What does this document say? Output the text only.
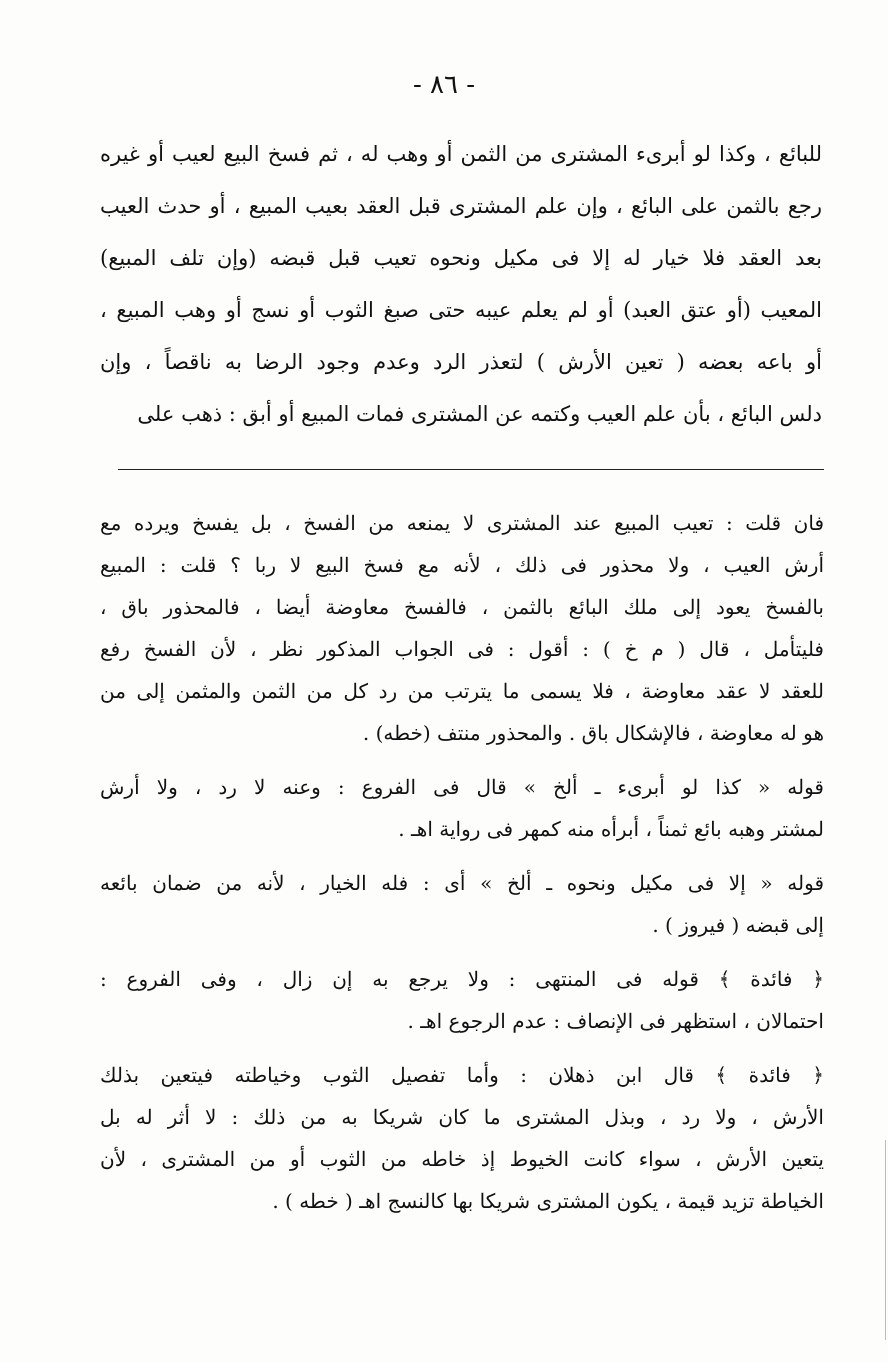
- ٨٦ -
للبائع ، وكذا لو أبرىء المشترى من الثمن أو وهب له ، ثم فسخ البيع لعيب أو غيره
رجع بالثمن على البائع ، وإن علم المشترى قبل العقد بعيب المبيع ، أو حدث العيب
بعد العقد فلا خيار له إلا فى مكيل ونحوه تعيب قبل قبضه (وإن تلف المبيع)
المعيب (أو عتق العبد) أو لم يعلم عيبه حتى صبغ الثوب أو نسج أو وهب المبيع ،
أو باعه بعضه ( تعين الأرش ) لتعذر الرد وعدم وجود الرضا به ناقصاً ، وإن
دلس البائع ، بأن علم العيب وكتمه عن المشترى فمات المبيع أو أبق : ذهب على
فان قلت : تعيب المبيع عند المشترى لا يمنعه من الفسخ ، بل يفسخ ويرده مع
أرش العيب ، ولا محذور فى ذلك ، لأنه مع فسخ البيع لا ربا ؟ قلت : المبيع
بالفسخ يعود إلى ملك البائع بالثمن ، فالفسخ معاوضة أيضا ، فالمحذور باق ،
فليتأمل ، قال ( م خ ) : أقول : فى الجواب المذكور نظر ، لأن الفسخ رفع
للعقد لا عقد معاوضة ، فلا يسمى ما يترتب من رد كل من الثمن والمثمن إلى من
هو له معاوضة ، فالإشكال باق . والمحذور منتف (خطه) .
قوله « كذا لو أبرىء ـ ألخ » قال فى الفروع : وعنه لا رد ، ولا أرش
لمشتر وهبه بائع ثمناً ، أبرأه منه كمهر فى رواية اهـ .
قوله « إلا فى مكيل ونحوه ـ ألخ » أى : فله الخيار ، لأنه من ضمان بائعه
إلى قبضه ( فيروز ) .
﴿ فائدة ﴾ قوله فى المنتهى : ولا يرجع به إن زال ، وفى الفروع :
احتمالان ، استظهر فى الإنصاف : عدم الرجوع اهـ .
﴿ فائدة ﴾ قال ابن ذهلان : وأما تفصيل الثوب وخياطته فيتعين بذلك
الأرش ، ولا رد ، وبذل المشترى ما كان شريكا به من ذلك : لا أثر له بل
يتعين الأرش ، سواء كانت الخيوط إذ خاطه من الثوب أو من المشترى ، لأن
الخياطة تزيد قيمة ، يكون المشترى شريكا بها كالنسج اهـ ( خطه ) .
